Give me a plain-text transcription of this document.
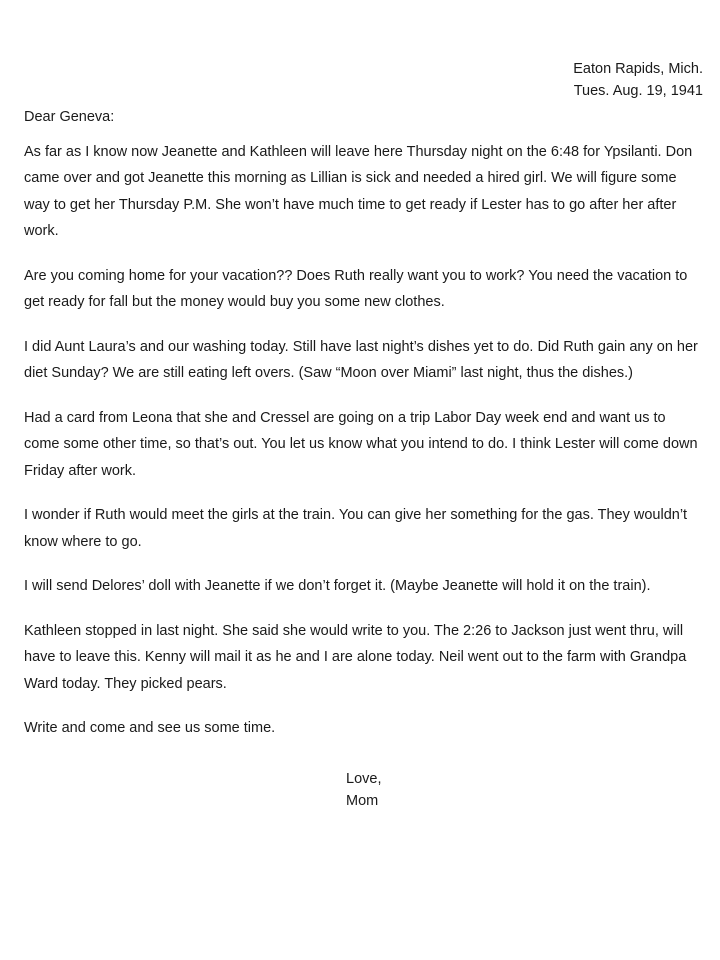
Eaton Rapids, Mich.
Tues. Aug. 19, 1941

Dear Geneva:

As far as I know now Jeanette and Kathleen will leave here Thursday night on the 6:48 for Ypsilanti. Don came over and got Jeanette this morning as Lillian is sick and needed a hired girl. We will figure some way to get her Thursday P.M. She won’t have much time to get ready if Lester has to go after her after work.

Are you coming home for your vacation?? Does Ruth really want you to work? You need the vacation to get ready for fall but the money would buy you some new clothes.

I did Aunt Laura’s and our washing today. Still have last night’s dishes yet to do. Did Ruth gain any on her diet Sunday? We are still eating left overs. (Saw “Moon over Miami” last night, thus the dishes.)

Had a card from Leona that she and Cressel are going on a trip Labor Day week end and want us to come some other time, so that’s out. You let us know what you intend to do. I think Lester will come down Friday after work.

I wonder if Ruth would meet the girls at the train. You can give her something for the gas. They wouldn’t know where to go.

I will send Delores’ doll with Jeanette if we don’t forget it. (Maybe Jeanette will hold it on the train).

Kathleen stopped in last night. She said she would write to you. The 2:26 to Jackson just went thru, will have to leave this. Kenny will mail it as he and I are alone today. Neil went out to the farm with Grandpa Ward today. They picked pears.

Write and come and see us some time.

Love,
Mom
